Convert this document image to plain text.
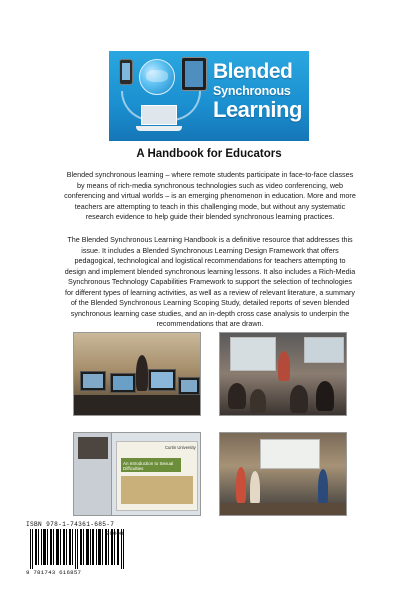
Blended
Synchronous
Learning
A Handbook for Educators

Blended synchronous learning – where remote students participate in face-to-face classes by means of rich-media synchronous technologies such as video conferencing, web conferencing and virtual worlds – is an emerging phenomenon in education. More and more teachers are attempting to teach in this challenging mode, but without any systematic research evidence to help guide their blended synchronous learning practices.

The Blended Synchronous Learning Handbook is a definitive resource that addresses this issue. It includes a Blended Synchronous Learning Design Framework that offers pedagogical, technological and logistical recommendations for teachers attempting to design and implement blended synchronous learning lessons. It also includes a Rich-Media Synchronous Technology Capabilities Framework to support the selection of technologies for different types of learning activities, as well as a review of relevant literature, a summary of the Blended Synchronous Learning Scoping Study, detailed reports of seven blended synchronous learning case studies, and an in-depth cross case analysis to underpin the recommendations that are drawn.

Curtin University
An Introduction to Sexual Difficulties
ISBN 978-1-74361-685-7
9 781743 616857
90000
